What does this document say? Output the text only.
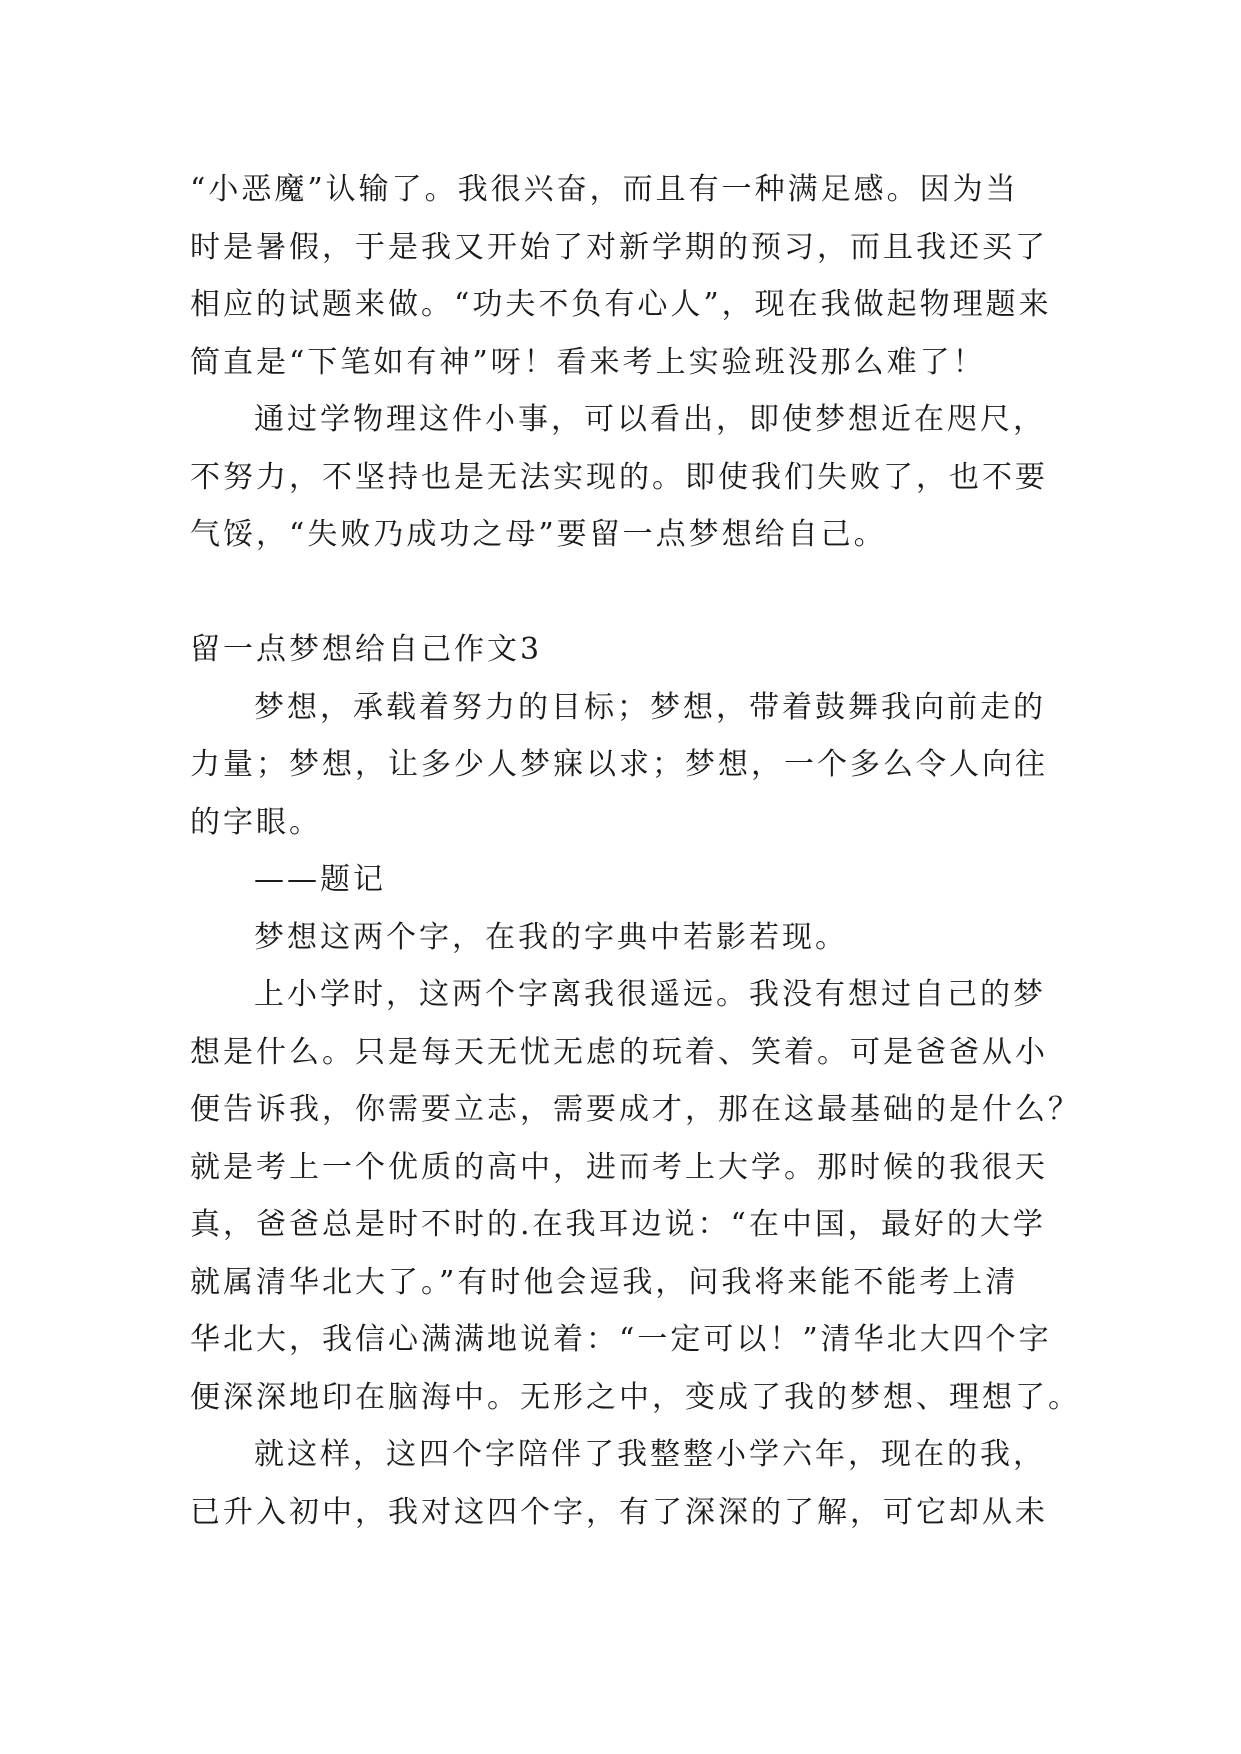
“小恶魔”认输了。我很兴奋，而且有一种满足感。因为当
时是暑假，于是我又开始了对新学期的预习，而且我还买了
相应的试题来做。“功夫不负有心人”，现在我做起物理题来
简直是“下笔如有神”呀！看来考上实验班没那么难了！
通过学物理这件小事，可以看出，即使梦想近在咫尺，
不努力，不坚持也是无法实现的。即使我们失败了，也不要
气馁，“失败乃成功之母”要留一点梦想给自己。
留一点梦想给自己作文3
梦想，承载着努力的目标；梦想，带着鼓舞我向前走的
力量；梦想，让多少人梦寐以求；梦想，一个多么令人向往
的字眼。
——题记
梦想这两个字，在我的字典中若影若现。
上小学时，这两个字离我很遥远。我没有想过自己的梦
想是什么。只是每天无忧无虑的玩着、笑着。可是爸爸从小
便告诉我，你需要立志，需要成才，那在这最基础的是什么？
就是考上一个优质的高中，进而考上大学。那时候的我很天
真，爸爸总是时不时的.在我耳边说：“在中国，最好的大学
就属清华北大了。”有时他会逗我，问我将来能不能考上清
华北大，我信心满满地说着：“一定可以！”清华北大四个字
便深深地印在脑海中。无形之中，变成了我的梦想、理想了。
就这样，这四个字陪伴了我整整小学六年，现在的我，
已升入初中，我对这四个字，有了深深的了解，可它却从未
